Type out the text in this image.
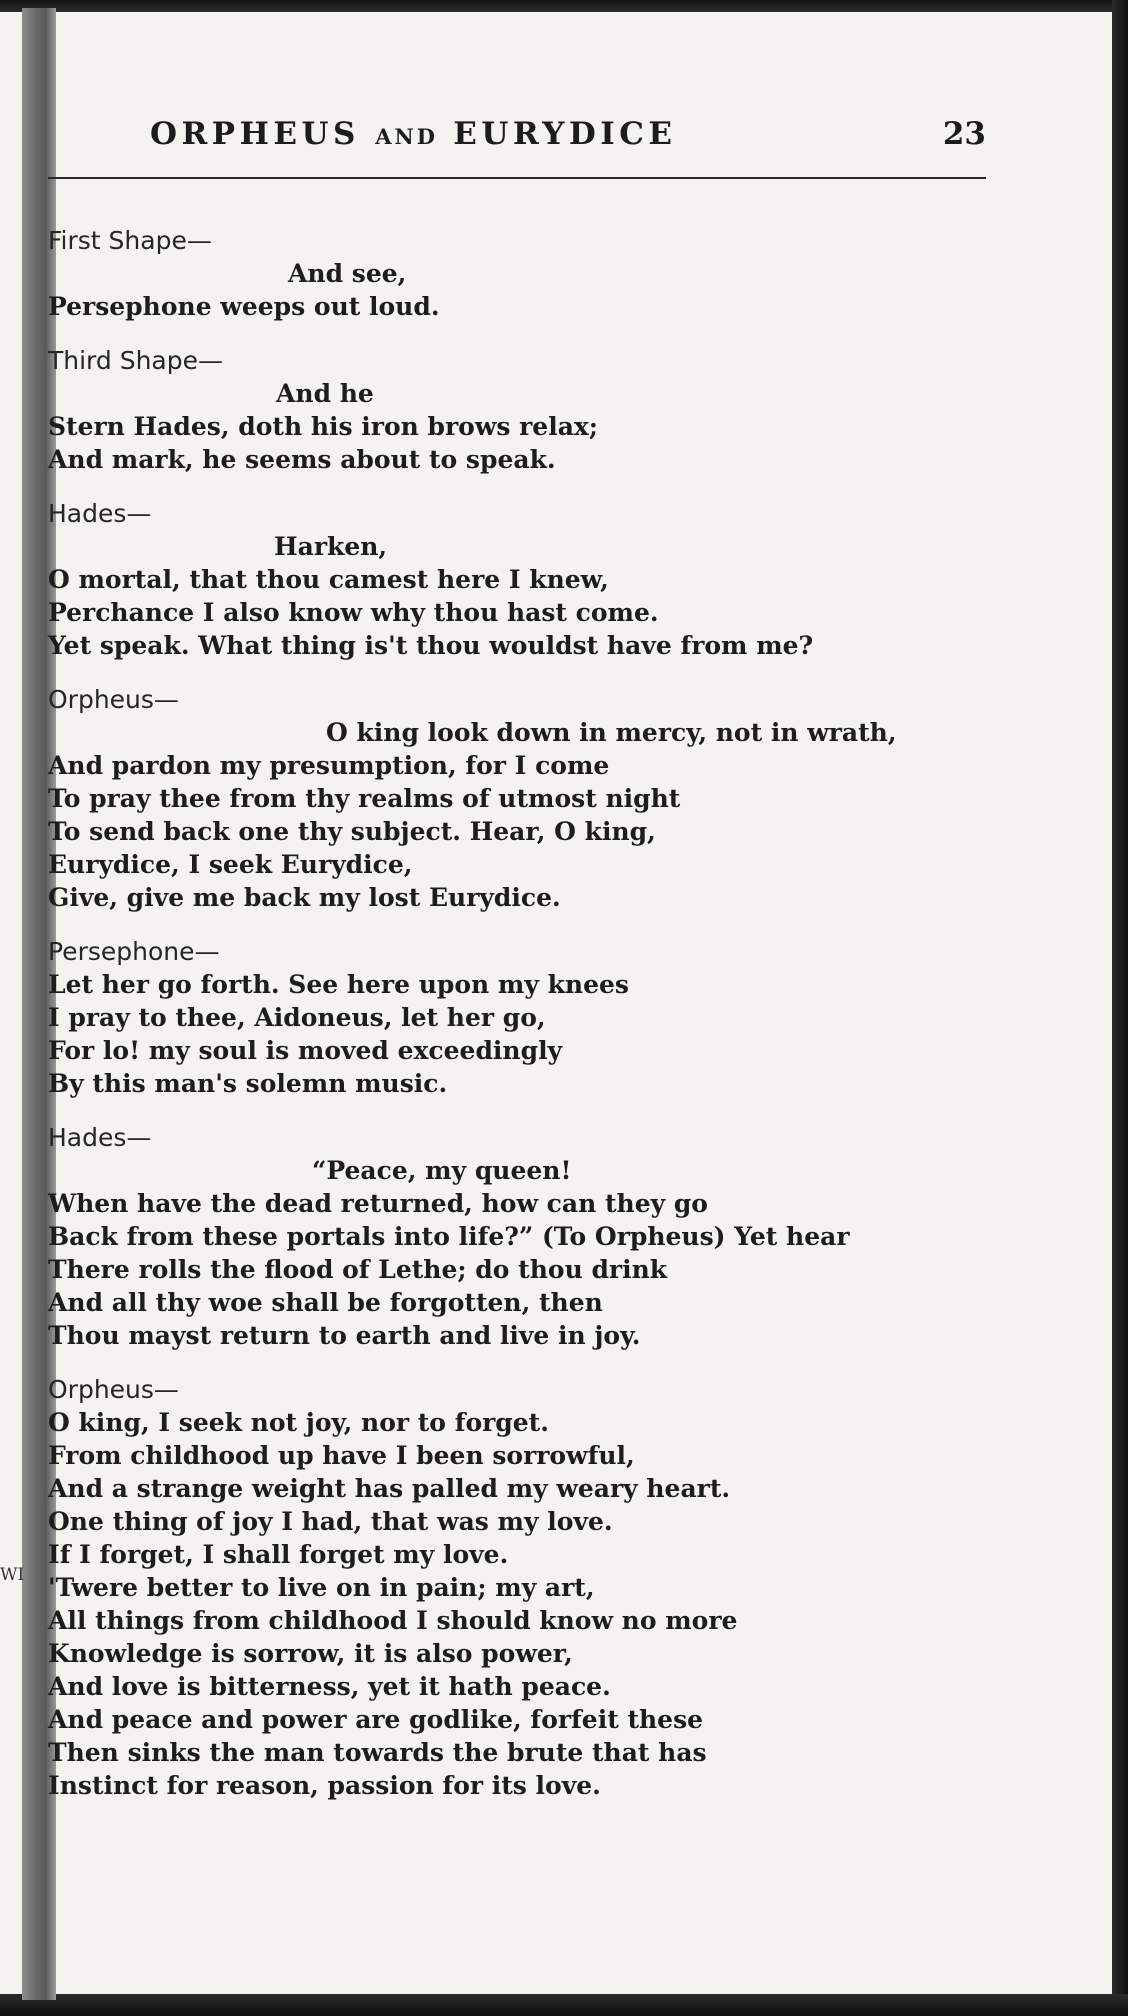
WI
ORPHEUS AND EURYDICE	23
First Shape—
And see,
Persephone weeps out loud.
Third Shape—
And he
Stern Hades, doth his iron brows relax;
And mark, he seems about to speak.
Hades—
Harken,
O mortal, that thou camest here I knew,
Perchance I also know why thou hast come.
Yet speak. What thing is't thou wouldst have from me?
Orpheus—
O king look down in mercy, not in wrath,
And pardon my presumption, for I come
To pray thee from thy realms of utmost night
To send back one thy subject. Hear, O king,
Eurydice, I seek Eurydice,
Give, give me back my lost Eurydice.
Persephone—
Let her go forth. See here upon my knees
I pray to thee, Aidoneus, let her go,
For lo! my soul is moved exceedingly
By this man's solemn music.
Hades—
“Peace, my queen!
When have the dead returned, how can they go
Back from these portals into life?” (To Orpheus) Yet hear
There rolls the flood of Lethe; do thou drink
And all thy woe shall be forgotten, then
Thou mayst return to earth and live in joy.
Orpheus—
O king, I seek not joy, nor to forget.
From childhood up have I been sorrowful,
And a strange weight has palled my weary heart.
One thing of joy I had, that was my love.
If I forget, I shall forget my love.
'Twere better to live on in pain; my art,
All things from childhood I should know no more
Knowledge is sorrow, it is also power,
And love is bitterness, yet it hath peace.
And peace and power are godlike, forfeit these
Then sinks the man towards the brute that has
Instinct for reason, passion for its love.
